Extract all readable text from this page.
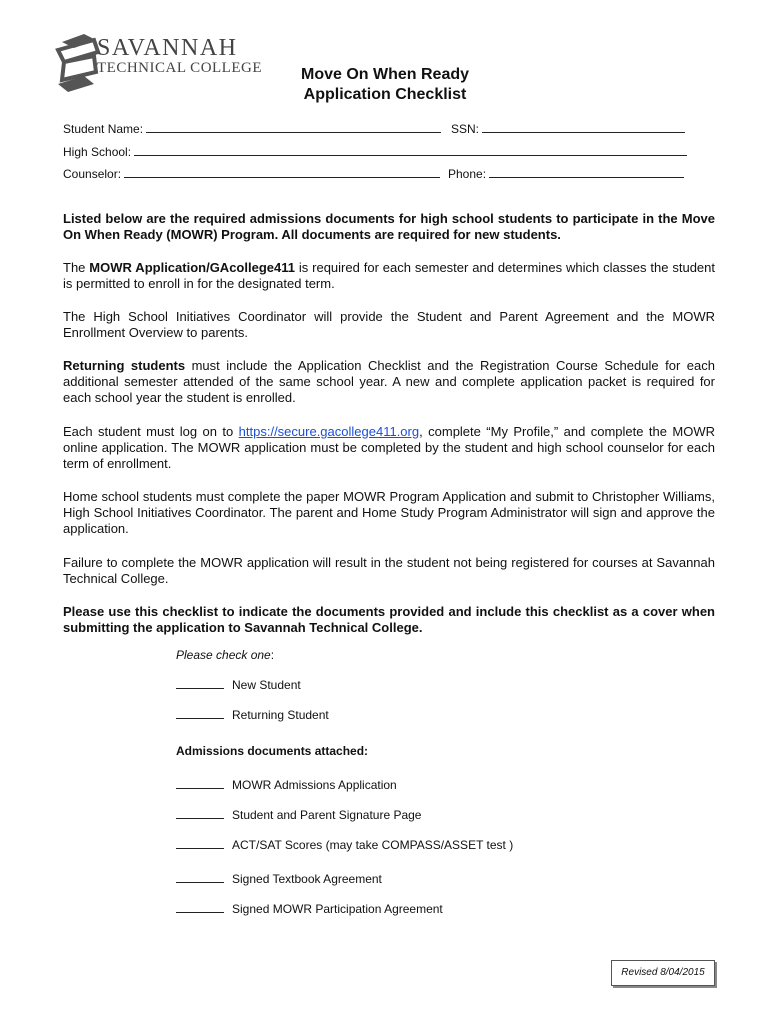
SAVANNAH
TECHNICAL COLLEGE	Move On When Ready
Application Checklist
Student Name:	SSN:
High School:
Counselor:	Phone:
Listed below are the required admissions documents for high school students to participate in the Move On When Ready (MOWR) Program. All documents are required for new students.
The MOWR Application/GAcollege411 is required for each semester and determines which classes the student is permitted to enroll in for the designated term.
The High School Initiatives Coordinator will provide the Student and Parent Agreement and the MOWR Enrollment Overview to parents.
Returning students must include the Application Checklist and the Registration Course Schedule for each additional semester attended of the same school year. A new and complete application packet is required for each school year the student is enrolled.
Each student must log on to https://secure.gacollege411.org, complete “My Profile,” and complete the MOWR online application. The MOWR application must be completed by the student and high school counselor for each term of enrollment.
Home school students must complete the paper MOWR Program Application and submit to Christopher Williams, High School Initiatives Coordinator. The parent and Home Study Program Administrator will sign and approve the application.
Failure to complete the MOWR application will result in the student not being registered for courses at Savannah Technical College.
Please use this checklist to indicate the documents provided and include this checklist as a cover when submitting the application to Savannah Technical College.
Please check one:
New Student
Returning Student
Admissions documents attached:
MOWR Admissions Application
Student and Parent Signature Page
ACT/SAT Scores (may take COMPASS/ASSET test )
Signed Textbook Agreement
Signed MOWR Participation Agreement
Revised 8/04/2015
